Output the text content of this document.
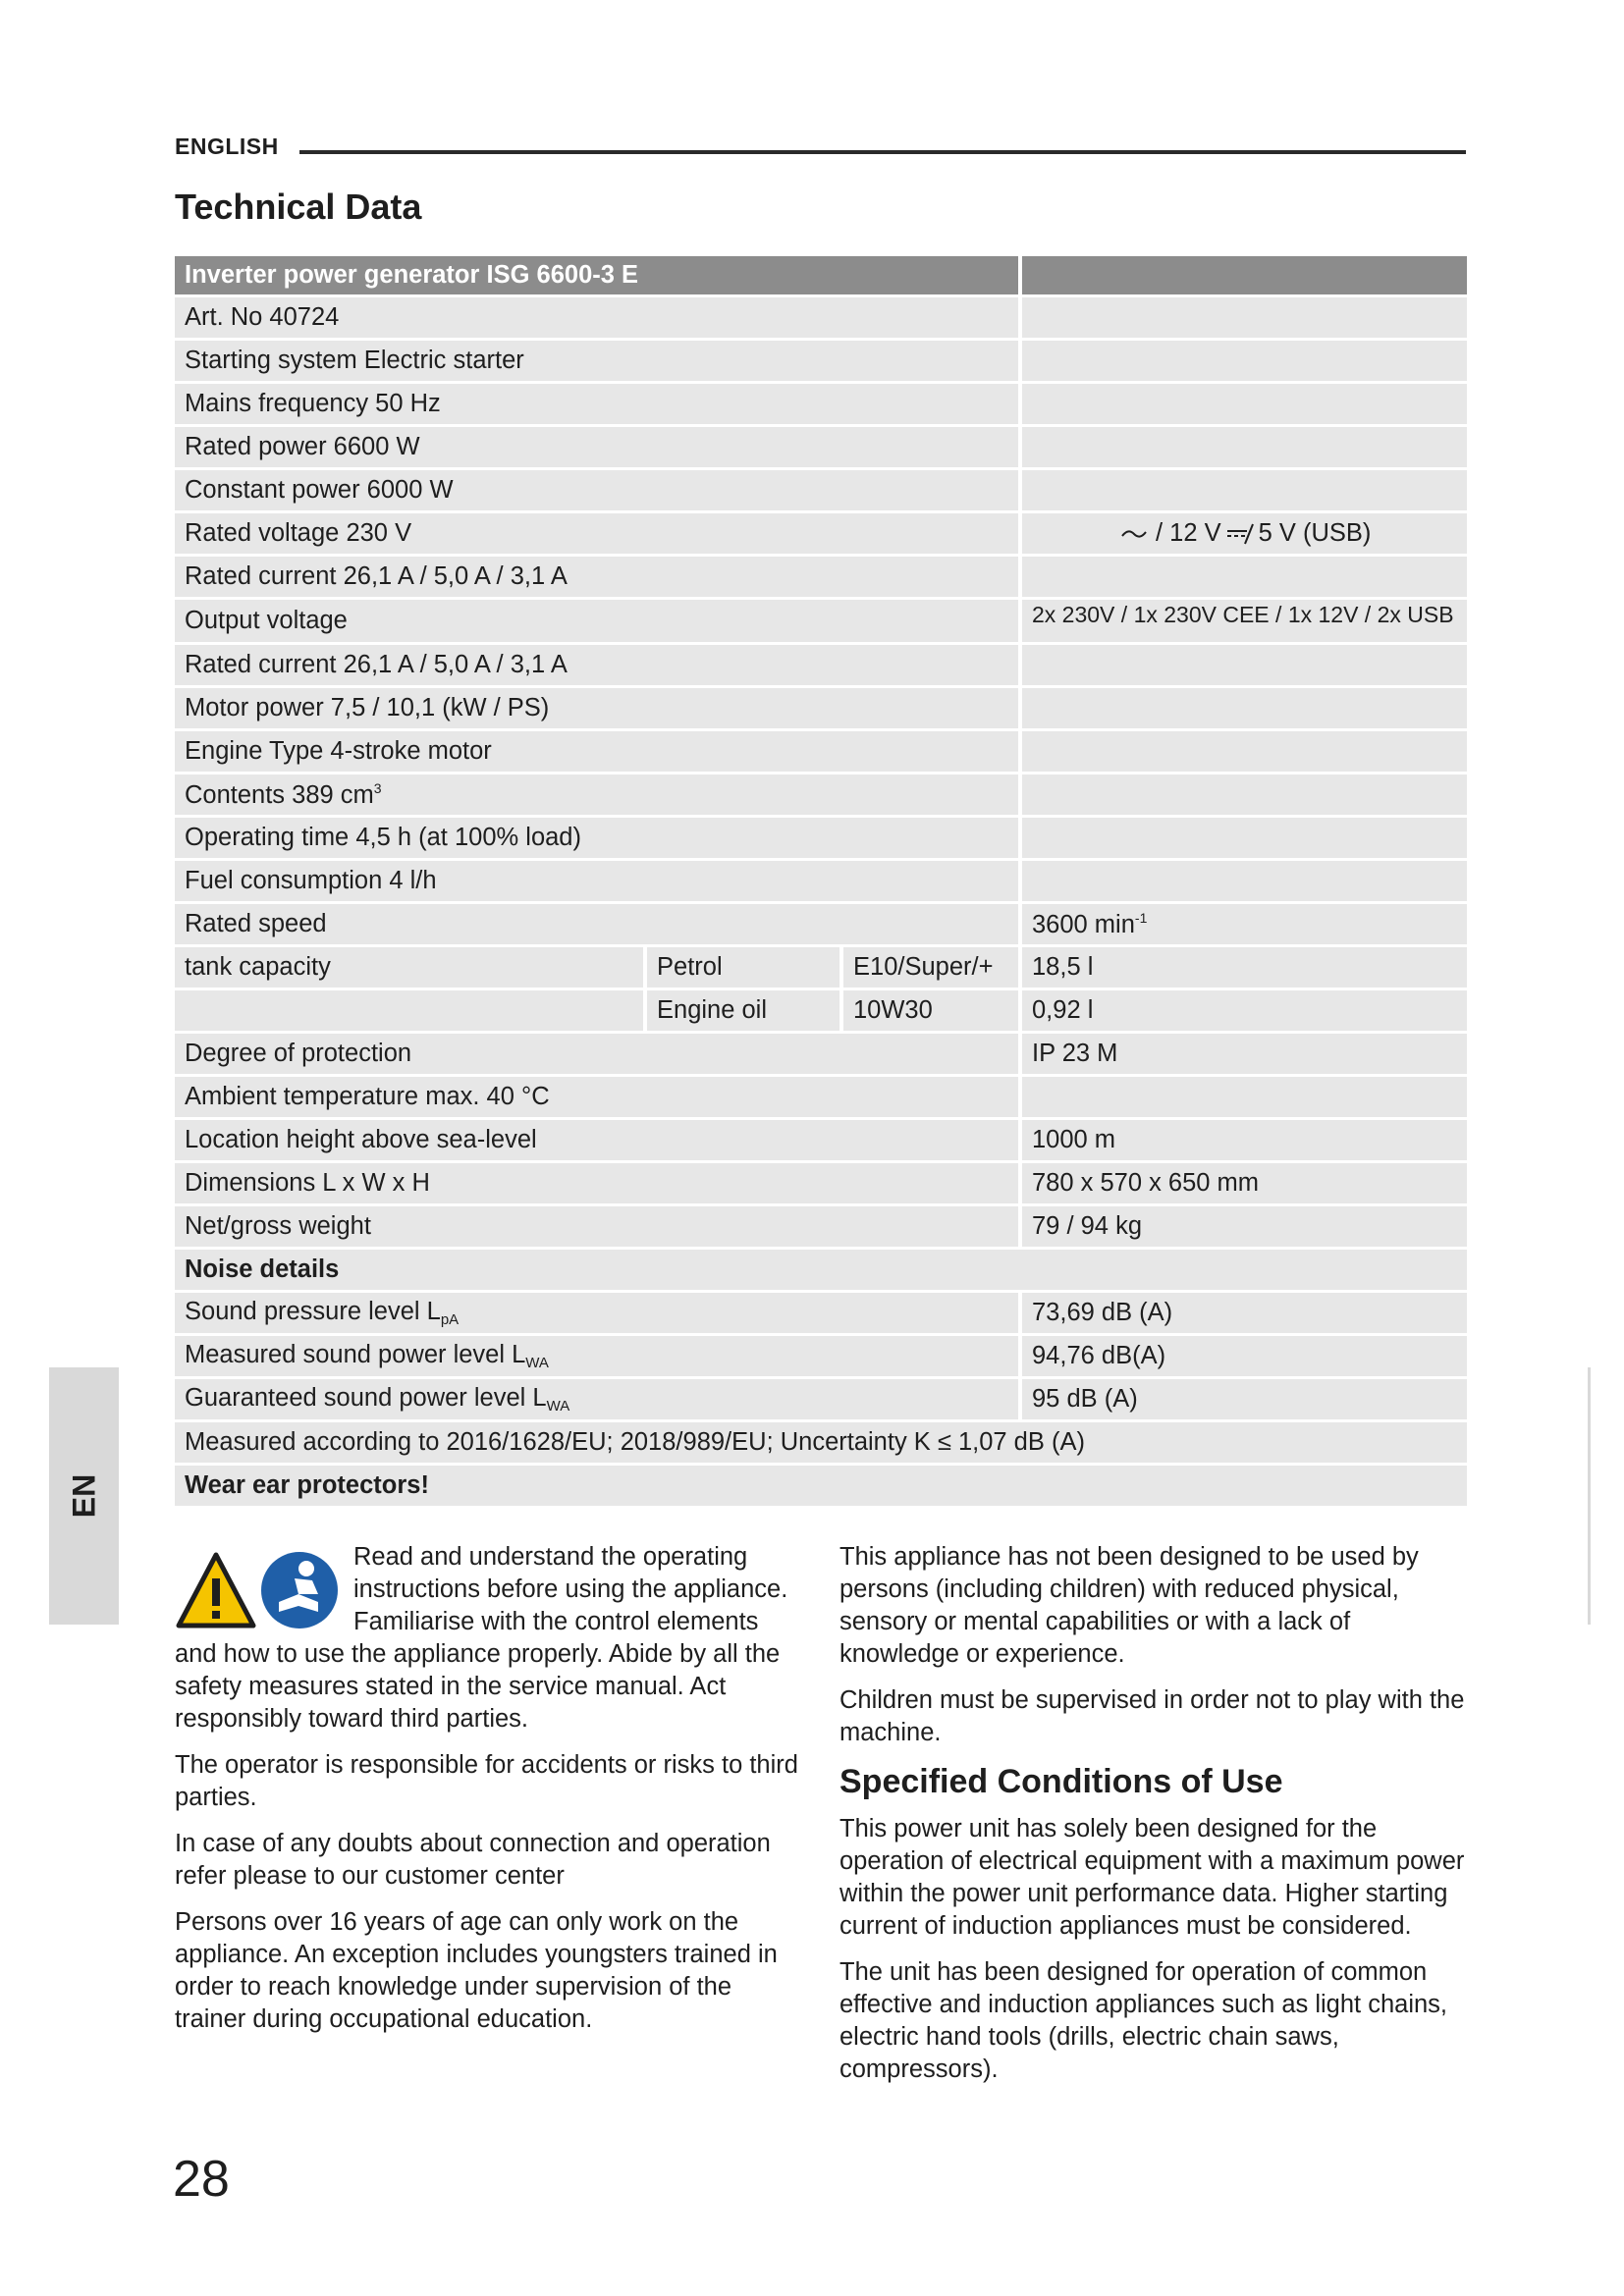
ENGLISH
Technical Data
Inverter power generator ISG 6600-3 E			
Art. No 40724			
Starting system Electric starter			
Mains frequency 50 Hz			
Rated power 6600 W			
Constant power 6000 W			
Rated voltage 230 V			/ 12 V 5 V (USB)
Rated current 26,1 A / 5,0 A / 3,1 A			
Output voltage			2x 230V / 1x 230V CEE / 1x 12V / 2x USB
Rated current 26,1 A / 5,0 A / 3,1 A			
Motor power 7,5 / 10,1 (kW / PS)			
Engine Type 4-stroke motor			
Contents 389 $cm^3$	
Operating time 4,5 h (at 100% load)			
Fuel consumption 4 l/h			
Rated speed			3600 $\min^{-1}$
tank capacity	Petrol	E10/Super/+	18,5 l
	Engine oil	10W30	0,92 l
Degree of protection			IP 23 M
Ambient temperature max. 40 °C			
Location height above sea-level			1000 m
Dimensions L x W x H			780 x 570 x 650 mm
Net/gross weight			79 / 94 kg
Noise details			
Sound pressure level $L_{pA}$			73,69 dB (A)
Measured sound power level $L_{WA}$			94,76 dB(A)
Guaranteed sound power level $L_{WA}$			95 dB (A)
Measured according to 2016/1628/EU; 2018/989/EU; Uncertainty K ≤ 1,07 dB (A)			
Wear ear protectors!			
EN

Read and understand the operating instructions before using the appliance. Familiarise with the control elements and how to use the appliance properly. Abide by all the safety measures stated in the service manual. Act responsibly toward third parties.

The operator is responsible for accidents or risks to third parties.

In case of any doubts about connection and operation refer please to our customer center

Persons over 16 years of age can only work on the appliance. An exception includes youngsters trained in order to reach knowledge under supervision of the trainer during occupational education.

This appliance has not been designed to be used by persons (including children) with reduced physical, sensory or mental capabilities or with a lack of knowledge or experience.

Children must be supervised in order not to play with the machine.

Specified Conditions of Use

This power unit has solely been designed for the operation of electrical equipment with a maximum power within the power unit performance data. Higher starting current of induction appliances must be considered.

The unit has been designed for operation of common effective and induction appliances such as light chains, electric hand tools (drills, electric chain saws, compressors).

28
